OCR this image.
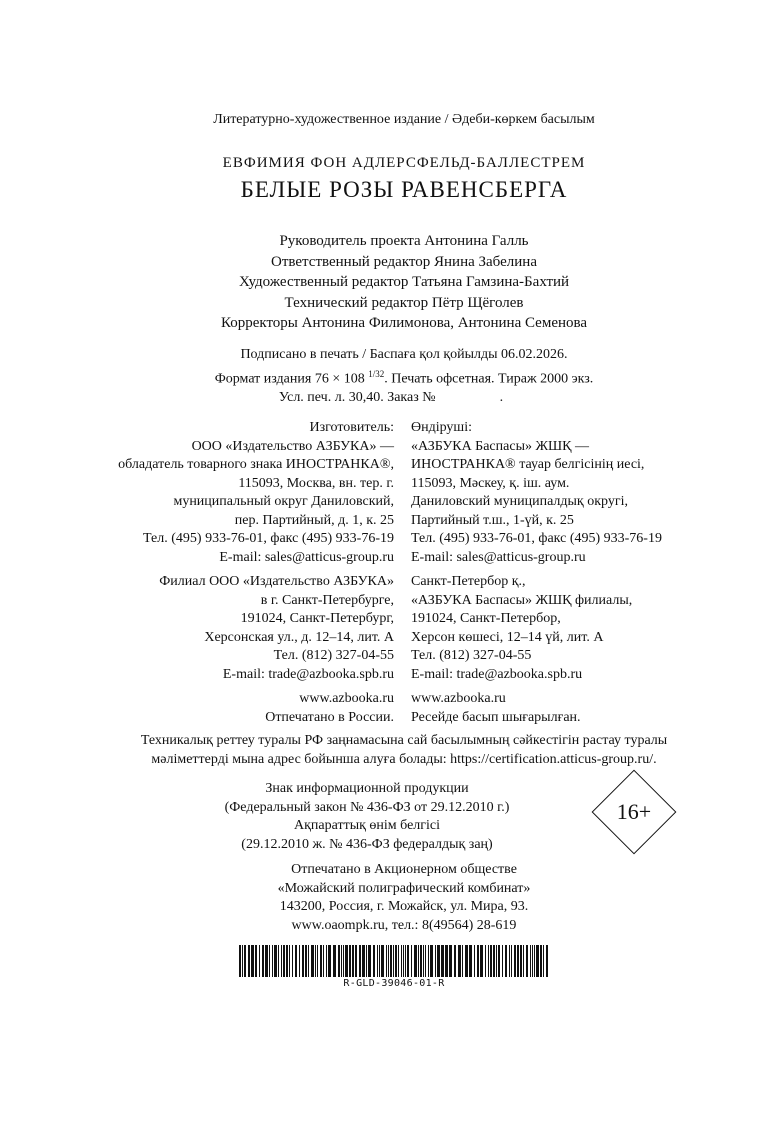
Литературно-художественное издание / Әдеби-көркем басылым
ЕВФИМИЯ ФОН АДЛЕРСФЕЛЬД-БАЛЛЕСТРЕМ
БЕЛЫЕ РОЗЫ РАВЕНСБЕРГА
Руководитель проекта Антонина Галль
Ответственный редактор Янина Забелина
Художественный редактор Татьяна Гамзина-Бахтий
Технический редактор Пётр Щёголев
Корректоры Антонина Филимонова, Антонина Семенова
Подписано в печать / Баспаға қол қойылды 06.02.2026.
Формат издания 76 × 108 $^{1/32}$. Печать офсетная. Тираж 2000 экз.
Усл. печ. л. 30,40. Заказ №	.
Изготовитель:
ООО «Издательство АЗБУКА» —
обладатель товарного знака ИНОСТРАНКА®,
115093, Москва, вн. тер. г.
муниципальный округ Даниловский,
пер. Партийный, д. 1, к. 25
Тел. (495) 933-76-01, факс (495) 933-76-19
E-mail: sales@atticus-group.ru
Филиал ООО «Издательство АЗБУКА»
в г. Санкт-Петербурге,
191024, Санкт-Петербург,
Херсонская ул., д. 12–14, лит. А
Тел. (812) 327-04-55
E-mail: trade@azbooka.spb.ru
www.azbooka.ru
Отпечатано в России.
Өндіруші:
«АЗБУКА Баспасы» ЖШҚ —
ИНОСТРАНКА® тауар белгісінің иесі,
115093, Мәскеу, қ. іш. аум.
Даниловский муниципалдық округі,
Партийный т.ш., 1-үй, к. 25
Тел. (495) 933-76-01, факс (495) 933-76-19
E-mail: sales@atticus-group.ru
Санкт-Петербор қ.,
«АЗБУКА Баспасы» ЖШҚ филиалы,
191024, Санкт-Петербор,
Херсон көшесі, 12–14 үй, лит. А
Тел. (812) 327-04-55
E-mail: trade@azbooka.spb.ru
www.azbooka.ru
Ресейде басып шығарылған.
Техникалық реттеу туралы РФ заңнамасына сай басылымның сәйкестігін растау туралы
мәліметтерді мына адрес бойынша алуға болады: https://certification.atticus-group.ru/.
Знак информационной продукции
(Федеральный закон № 436-ФЗ от 29.12.2010 г.)
Ақпараттық өнім белгісі
(29.12.2010 ж. № 436-ФЗ федералдық заң)
16+
Отпечатано в Акционерном обществе
«Можайский полиграфический комбинат»
143200, Россия, г. Можайск, ул. Мира, 93.
www.oaompk.ru, тел.: 8(49564) 28-619
R-GLD-39046-01-R
